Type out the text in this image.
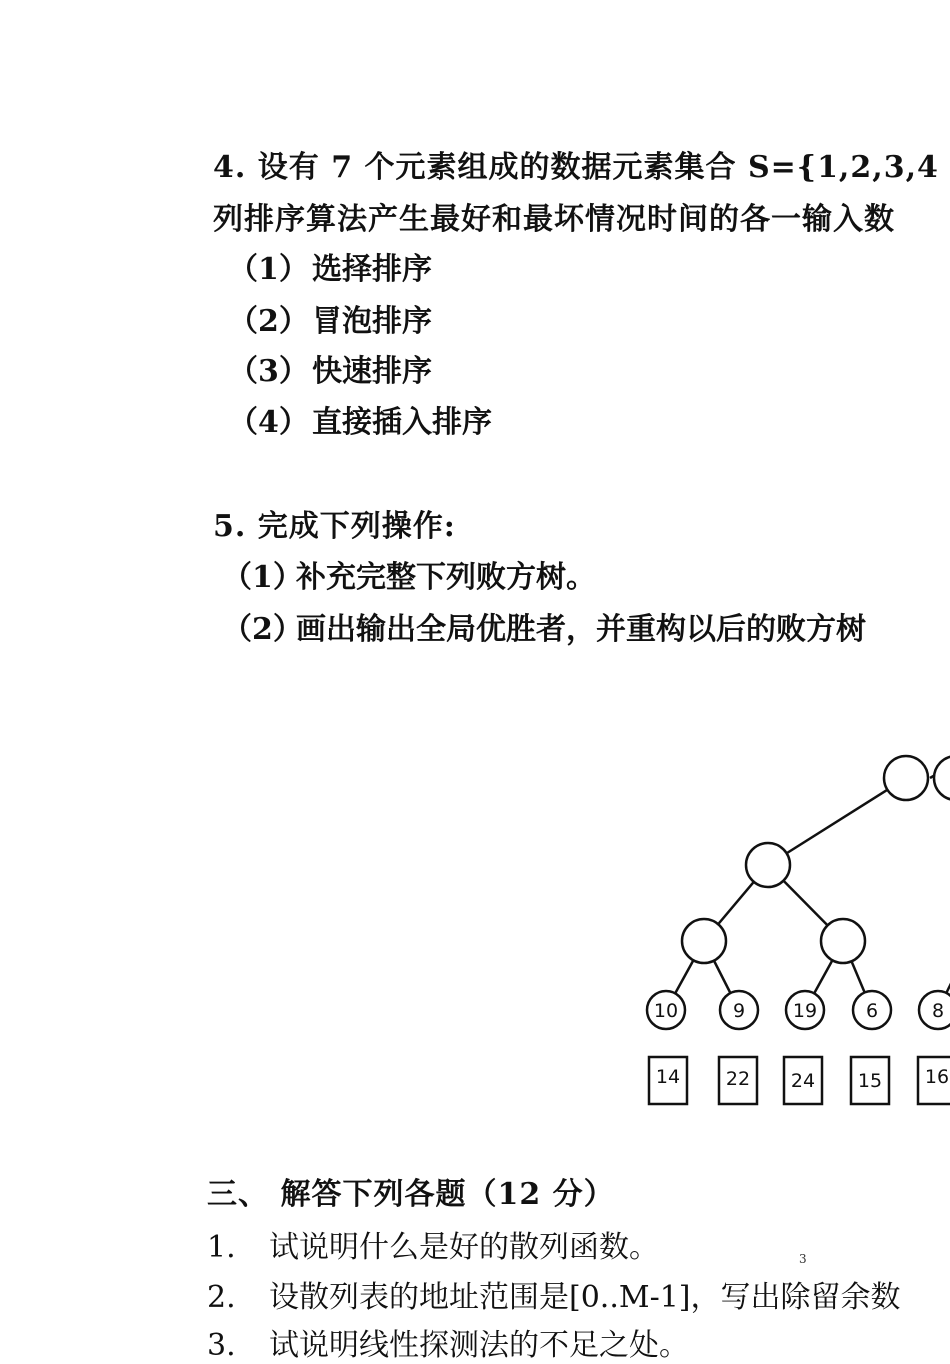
4. 设有 7 个元素组成的数据元素集合 S={1,2,3,4
列排序算法产生最好和最坏情况时间的各一输入数
（1） 选择排序
（2） 冒泡排序
（3） 快速排序
（4） 直接插入排序
5. 完成下列操作:
（1）补充完整下列败方树。
（2）画出输出全局优胜者，并重构以后的败方树
10	9	19	6	8
14 22 24 15 16
三、 解答下列各题（12 分）
1. 试说明什么是好的散列函数。
2. 设散列表的地址范围是[0..M-1]，写出除留余数
3. 试说明线性探测法的不足之处。
3
